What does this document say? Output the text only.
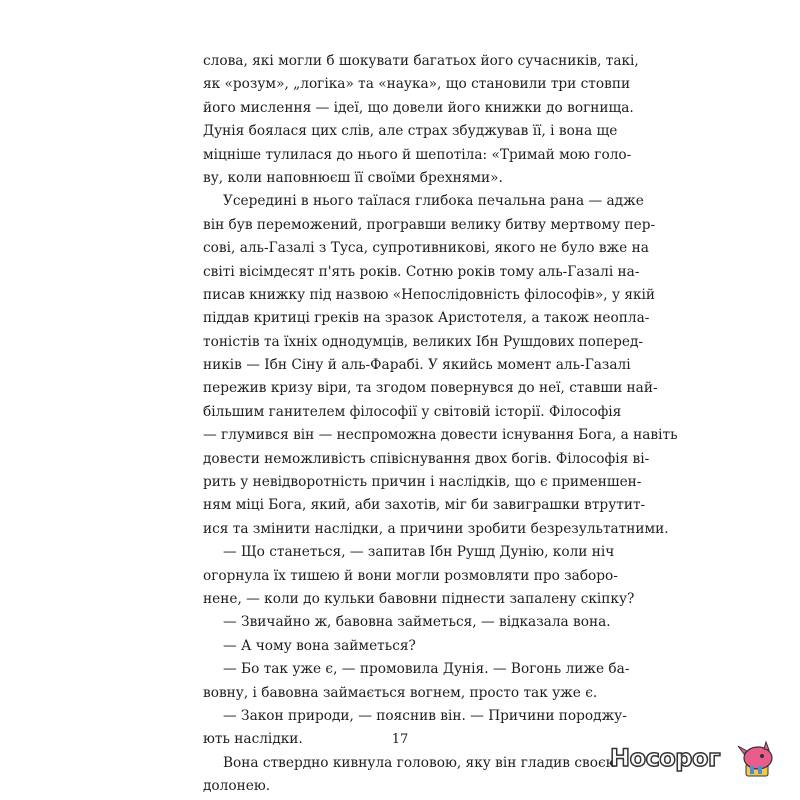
слова, які могли б шокувати багатьох його сучасників, такі,
як «розум», „логіка» та «наука», що становили три стовпи
його мислення — ідеї, що довели його книжки до вогнища.
Дунія боялася цих слів, але страх збуджував її, і вона ще
міцніше тулилася до нього й шепотіла: «Тримай мою голо-
ву, коли наповнюєш її своїми брехнями».
Усередині в нього таїлася глибока печальна рана — адже
він був переможений, програвши велику битву мертвому пер-
сові, аль-Газалі з Туса, супротивникові, якого не було вже на
світі вісімдесят п'ять років. Сотню років тому аль-Газалі на-
писав книжку під назвою «Непослідовність філософів», у якій
піддав критиці греків на зразок Аристотеля, а також неопла-
тоністів та їхніх однодумців, великих Ібн Рушдових поперед-
ників — Ібн Сіну й аль-Фарабі. У якийсь момент аль-Газалі
пережив кризу віри, та згодом повернувся до неї, ставши най-
більшим ганителем філософії у світовій історії. Філософія
— глумився він — неспроможна довести існування Бога, а навіть
довести неможливість співіснування двох богів. Філософія ві-
рить у невідворотність причин і наслідків, що є применшен-
ням міці Бога, який, аби захотів, міг би завиграшки втрутит-
ися та змінити наслідки, а причини зробити безрезультатними.
— Що станеться, — запитав Ібн Рушд Дунію, коли ніч
огорнула їх тишею й вони могли розмовляти про заборо-
нене, — коли до кульки бавовни піднести запалену скіпку?
— Звичайно ж, бавовна займеться, — відказала вона.
— А чому вона займеться?
— Бо так уже є, — промовила Дунія. — Вогонь лиже ба-
вовну, і бавовна займається вогнем, просто так уже є.
— Закон природи, — пояснив він. — Причини породжу-
ють наслідки.
Вона ствердно кивнула головою, яку він гладив своєю
долонею.
17
Носорог
